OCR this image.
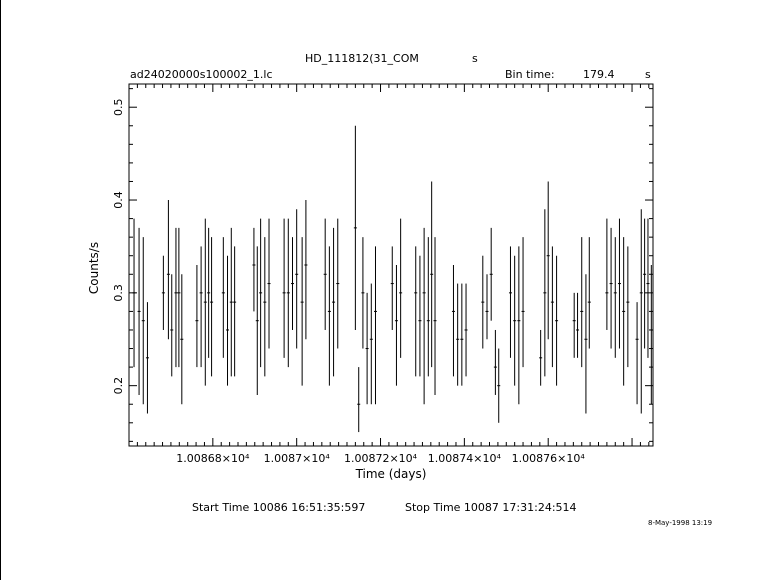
HD_111812(31_COM	s
ad24020000s100002_1.lc	Bin time:	179.4	s
1.00868×10⁴ 1.0087×10⁴ 1.00872×10⁴ 1.00874×10⁴ 1.00876×10⁴
0.2
0.3
0.4
0.5
Time (days)
Counts/s
Start Time 10086 16:51:35:597	Stop Time 10087 17:31:24:514
8-May-1998 13:19
